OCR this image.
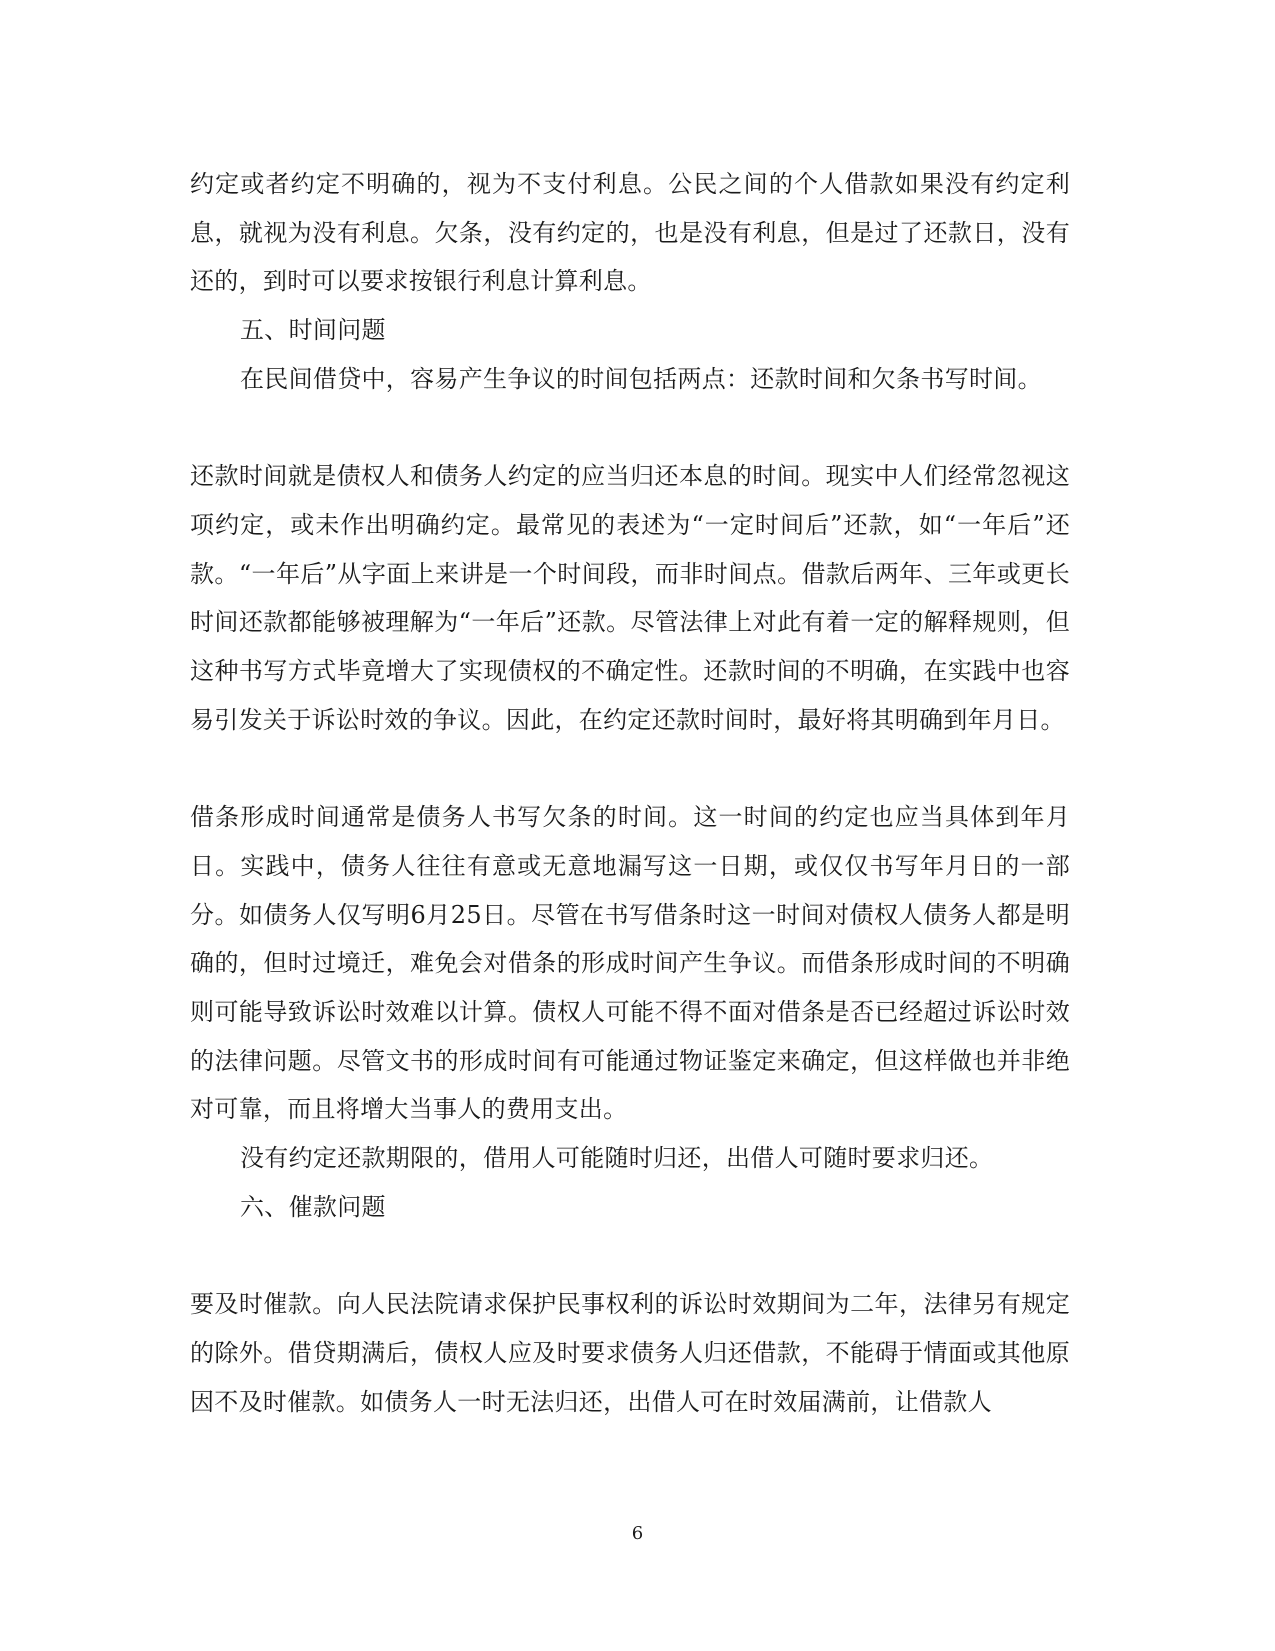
约定或者约定不明确的，视为不支付利息。公民之间的个人借款如果没有约定利息，就视为没有利息。欠条，没有约定的，也是没有利息，但是过了还款日，没有还的，到时可以要求按银行利息计算利息。

五、时间问题

在民间借贷中，容易产生争议的时间包括两点：还款时间和欠条书写时间。

还款时间就是债权人和债务人约定的应当归还本息的时间。现实中人们经常忽视这项约定，或未作出明确约定。最常见的表述为“一定时间后”还款，如“一年后”还款。“一年后”从字面上来讲是一个时间段，而非时间点。借款后两年、三年或更长时间还款都能够被理解为“一年后”还款。尽管法律上对此有着一定的解释规则，但这种书写方式毕竟增大了实现债权的不确定性。还款时间的不明确，在实践中也容易引发关于诉讼时效的争议。因此，在约定还款时间时，最好将其明确到年月日。

借条形成时间通常是债务人书写欠条的时间。这一时间的约定也应当具体到年月日。实践中，债务人往往有意或无意地漏写这一日期，或仅仅书写年月日的一部分。如债务人仅写明6月25日。尽管在书写借条时这一时间对债权人债务人都是明确的，但时过境迁，难免会对借条的形成时间产生争议。而借条形成时间的不明确则可能导致诉讼时效难以计算。债权人可能不得不面对借条是否已经超过诉讼时效的法律问题。尽管文书的形成时间有可能通过物证鉴定来确定，但这样做也并非绝对可靠，而且将增大当事人的费用支出。

没有约定还款期限的，借用人可能随时归还，出借人可随时要求归还。

六、催款问题

要及时催款。向人民法院请求保护民事权利的诉讼时效期间为二年，法律另有规定的除外。借贷期满后，债权人应及时要求债务人归还借款，不能碍于情面或其他原因不及时催款。如债务人一时无法归还，出借人可在时效届满前，让借款人

6
